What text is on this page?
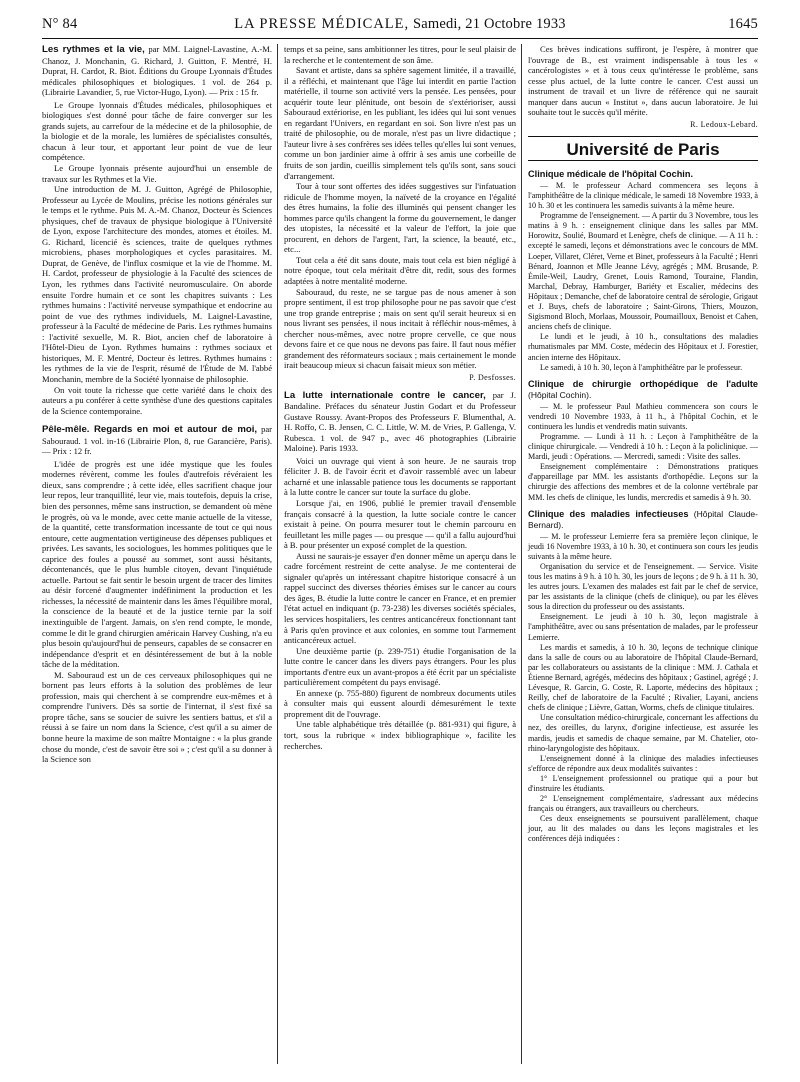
N° 84	LA PRESSE MÉDICALE, Samedi, 21 Octobre 1933	1645

Les rythmes et la vie, par MM. Laignel-Lavastine, A.-M. Chanoz, J. Monchanin, G. Richard, J. Guitton, F. Mentré, H. Duprat, H. Cardot, R. Biot. Éditions du Groupe Lyonnais d'Études médicales philosophiques et biologiques. 1 vol. de 264 p. (Librairie Lavandier, 5, rue Victor-Hugo, Lyon). — Prix : 15 fr.

Le Groupe lyonnais d'Études médicales, philosophiques et biologiques s'est donné pour tâche de faire converger sur les grands sujets, au carrefour de la médecine et de la philosophie, de la biologie et de la morale, les lumières de spécialistes consultés, chacun à leur tour, et apportant leur point de vue de leur compétence.

Le Groupe lyonnais présente aujourd'hui un ensemble de travaux sur les Rythmes et la Vie.

Une introduction de M. J. Guitton, Agrégé de Philosophie, Professeur au Lycée de Moulins, précise les notions générales sur le temps et le rythme. Puis M. A.-M. Chanoz, Docteur ès Sciences physiques, chef de travaux de physique biologique à l'Université de Lyon, expose l'architecture des mondes, atomes et étoiles. M. G. Richard, licencié ès sciences, traite de quelques rythmes microbiens, phases morphologiques et cycles parasitaires. M. Duprat, de Genève, de l'influx cosmique et la vie de l'homme. M. H. Cardot, professeur de physiologie à la Faculté des sciences de Lyon, les rythmes dans l'activité neuromusculaire. On aborde ensuite l'ordre humain et ce sont les chapitres suivants : Les rythmes humains : l'activité nerveuse sympathique et endocrine au point de vue des rythmes individuels, M. Laignel-Lavastine, professeur à la Faculté de médecine de Paris. Les rythmes humains : l'activité sexuelle, M. R. Biot, ancien chef de laboratoire à l'Hôtel-Dieu de Lyon. Rythmes humains : rythmes sociaux et historiques, M. F. Mentré, Docteur ès lettres. Rythmes humains : les rythmes de la vie de l'esprit, résumé de l'Étude de M. l'abbé Monchanin, membre de la Société lyonnaise de philosophie.

On voit toute la richesse que cette variété dans le choix des auteurs a pu conférer à cette synthèse d'une des questions capitales de la Science contemporaine.

Pêle-mêle. Regards en moi et autour de moi, par Sabouraud. 1 vol. in-16 (Librairie Plon, 8, rue Garancière, Paris). — Prix : 12 fr.

L'idée de progrès est une idée mystique que les foules modernes révèrent, comme les foules d'autrefois révéraient les dieux, sans comprendre ; à cette idée, elles sacrifient chaque jour leur repos, leur tranquillité, leur vie, mais toutefois, depuis la crise, bien des personnes, même sans instruction, se demandent où mène le progrès, où va le monde, avec cette manie actuelle de la vitesse, de la quantité, cette transformation incessante de tout ce qui nous entoure, cette augmentation vertigineuse des dépenses publiques et privées. Les savants, les sociologues, les hommes politiques que le caprice des foules a poussé au sommet, sont aussi hésitants, décontenancés, que le plus humble citoyen, devant l'inquiétude actuelle. Partout se fait sentir le besoin urgent de tracer des limites au désir forcené d'augmenter indéfiniment la production et les richesses, la nécessité de maintenir dans les âmes l'équilibre moral, la conscience de la beauté et de la justice ternie par la soif inextinguible de l'argent. Jamais, on s'en rend compte, le monde, comme le dit le grand chirurgien américain Harvey Cushing, n'a eu plus besoin qu'aujourd'hui de penseurs, capables de se consacrer en indépendance d'esprit et en désintéressement de but à la noble tâche de la méditation.

M. Sabouraud est un de ces cerveaux philosophiques qui ne bornent pas leurs efforts à la solution des problèmes de leur profession, mais qui cherchent à se comprendre eux-mêmes et à comprendre l'univers. Dès sa sortie de l'internat, il s'est fixé sa propre tâche, sans se soucier de suivre les sentiers battus, et s'il a réussi à se faire un nom dans la Science, c'est qu'il a su aimer de bonne heure la maxime de son maître Montaigne : « la plus grande chose du monde, c'est de savoir être soi » ; c'est qu'il a su donner à la Science son

temps et sa peine, sans ambitionner les titres, pour le seul plaisir de la recherche et le contentement de son âme.

Savant et artiste, dans sa sphère sagement limitée, il a travaillé, il a réfléchi, et maintenant que l'âge lui interdit en partie l'action matérielle, il tourne son activité vers la pensée. Les pensées, pour acquérir toute leur plénitude, ont besoin de s'extérioriser, aussi Sabouraud extériorise, en les publiant, les idées qui lui sont venues en regardant l'Univers, en regardant en soi. Son livre n'est pas un traité de philosophie, ou de morale, n'est pas un livre didactique ; l'auteur livre à ses confrères ses idées telles qu'elles lui sont venues, comme un bon jardinier aime à offrir à ses amis une corbeille de fruits de son jardin, cueillis simplement tels qu'ils sont, sans souci d'arrangement.

Tour à tour sont offertes des idées suggestives sur l'infatuation ridicule de l'homme moyen, la naïveté de la croyance en l'égalité des êtres humains, la folie des illuminés qui pensent changer les hommes parce qu'ils changent la forme du gouvernement, le danger des utopistes, la nécessité et la valeur de l'effort, la joie que procurent, en dehors de l'argent, l'art, la science, la beauté, etc., etc...

Tout cela a été dit sans doute, mais tout cela est bien négligé à notre époque, tout cela méritait d'être dit, redit, sous des formes adaptées à notre mentalité moderne.

Sabouraud, du reste, ne se targue pas de nous amener à son propre sentiment, il est trop philosophe pour ne pas savoir que c'est une trop grande entreprise ; mais on sent qu'il serait heureux si en nous livrant ses pensées, il nous incitait à réfléchir nous-mêmes, à chercher nous-mêmes, avec notre propre cervelle, ce que nous devons faire et ce que nous ne devons pas faire. Il faut nous méfier grandement des réformateurs sociaux ; mais certainement le monde irait beaucoup mieux si chacun faisait mieux son métier.

P. Desfosses.

La lutte internationale contre le cancer, par J. Bandaline. Préfaces du sénateur Justin Godart et du Professeur Gustave Roussy. Avant-Propos des Professeurs F. Blumenthal, A. H. Roffo, C. B. Jensen, C. C. Little, W. M. de Vries, P. Gallenga, V. Rubesca. 1 vol. de 947 p., avec 46 photographies (Librairie Maloine). Paris 1933.

Voici un ouvrage qui vient à son heure. Je ne saurais trop féliciter J. B. de l'avoir écrit et d'avoir rassemblé avec un labeur acharné et une inlassable patience tous les documents se rapportant à la lutte contre le cancer sur toute la surface du globe.

Lorsque j'ai, en 1906, publié le premier travail d'ensemble français consacré à la question, la lutte sociale contre le cancer existait à peine. On pourra mesurer tout le chemin parcouru en feuilletant les mille pages — ou presque — qu'il a fallu aujourd'hui à B. pour présenter un exposé complet de la question.

Aussi ne saurais-je essayer d'en donner même un aperçu dans le cadre forcément restreint de cette analyse. Je me contenterai de signaler qu'après un intéressant chapitre historique consacré à un rappel succinct des diverses théories émises sur le cancer au cours des âges, B. étudie la lutte contre le cancer en France, et en premier l'état actuel en indiquant (p. 73-238) les diverses sociétés spéciales, les services hospitaliers, les centres anticancéreux fonctionnant tant à Paris qu'en province et aux colonies, en somme tout l'armement anticancéreux actuel.

Une deuxième partie (p. 239-751) étudie l'organisation de la lutte contre le cancer dans les divers pays étrangers. Pour les plus importants d'entre eux un avant-propos a été écrit par un spécialiste particulièrement compétent du pays envisagé.

En annexe (p. 755-880) figurent de nombreux documents utiles à consulter mais qui eussent alourdi démesurément le texte proprement dit de l'ouvrage.

Une table alphabétique très détaillée (p. 881-931) qui figure, à tort, sous la rubrique « index bibliographique », facilite les recherches.

Ces brèves indications suffiront, je l'espère, à montrer que l'ouvrage de B., est vraiment indispensable à tous les « cancérologistes » et à tous ceux qu'intéresse le problème, sans cesse plus actuel, de la lutte contre le cancer. C'est aussi un instrument de travail et un livre de référence qui ne saurait manquer dans aucun « Institut », dans aucun laboratoire. Je lui souhaite tout le succès qu'il mérite.

R. Ledoux-Lebard.

Université de Paris

Clinique médicale de l'hôpital Cochin.

— M. le professeur Achard commencera ses leçons à l'amphithéâtre de la clinique médicale, le samedi 18 Novembre 1933, à 10 h. 30 et les continuera les samedis suivants à la même heure.

Programme de l'enseignement. — A partir du 3 Novembre, tous les matins à 9 h. : enseignement clinique dans les salles par MM. Horowitz, Soulié, Boumard et Lenègre, chefs de clinique. — A 11 h. : excepté le samedi, leçons et démonstrations avec le concours de MM. Loeper, Villaret, Cléret, Verne et Binet, professeurs à la Faculté ; Henri Bénard, Joannon et Mlle Jeanne Lévy, agrégés ; MM. Brusande, P. Émile-Weil, Laudry, Grenet, Louis Ramond, Touraine, Flandin, Marchal, Debray, Hamburger, Bariéty et Escalier, médecins des Hôpitaux ; Demanche, chef de laboratoire central de sérologie, Grigaut et J. Buys, chefs de laboratoire ; Saint-Girons, Thiers, Mouzon, Sigismond Bloch, Morlaas, Moussoir, Poumailloux, Benoist et Cahen, anciens chefs de clinique.

Le lundi et le jeudi, à 10 h., consultations des maladies rhumatismales par MM. Coste, médecin des Hôpitaux et J. Forestier, ancien interne des Hôpitaux.

Le samedi, à 10 h. 30, leçon à l'amphithéâtre par le professeur.

Clinique de chirurgie orthopédique de l'adulte (Hôpital Cochin).

— M. le professeur Paul Mathieu commencera son cours le vendredi 10 Novembre 1933, à 11 h., à l'hôpital Cochin, et le continuera les lundis et vendredis matin suivants.

Programme. — Lundi à 11 h. : Leçon à l'amphithéâtre de la clinique chirurgicale. — Vendredi à 10 h. : Leçon à la policlinique. — Mardi, jeudi : Opérations. — Mercredi, samedi : Visite des salles.

Enseignement complémentaire : Démonstrations pratiques d'appareillage par MM. les assistants d'orthopédie. Leçons sur la chirurgie des affections des membres et de la colonne vertébrale par MM. les chefs de clinique, les lundis, mercredis et samedis à 9 h. 30.

Clinique des maladies infectieuses (Hôpital Claude-Bernard).

— M. le professeur Lemierre fera sa première leçon clinique, le jeudi 16 Novembre 1933, à 10 h. 30, et continuera son cours les jeudis suivants à la même heure.

Organisation du service et de l'enseignement. — Service. Visite tous les matins à 9 h. à 10 h. 30, les jours de leçons ; de 9 h. à 11 h. 30, les autres jours. L'examen des malades est fait par le chef de service, par les assistants de la clinique (chefs de clinique), ou par les élèves sous la direction du professeur ou des assistants.

Enseignement. Le jeudi à 10 h. 30, leçon magistrale à l'amphithéâtre, avec ou sans présentation de malades, par le professeur Lemierre.

Les mardis et samedis, à 10 h. 30, leçons de technique clinique dans la salle de cours ou au laboratoire de l'hôpital Claude-Bernard, par les collaborateurs ou assistants de la clinique : MM. J. Cathala et Étienne Bernard, agrégés, médecins des hôpitaux ; Gastinel, agrégé ; J. Lévesque, R. Garcin, G. Coste, R. Laporte, médecins des hôpitaux ; Reilly, chef de laboratoire de la Faculté ; Rivalier, Layani, anciens chefs de clinique ; Lièvre, Gattan, Worms, chefs de clinique titulaires.

Une consultation médico-chirurgicale, concernant les affections du nez, des oreilles, du larynx, d'origine infectieuse, est assurée les mardis, jeudis et samedis de chaque semaine, par M. Chatelier, oto-rhino-laryngologiste des hôpitaux.

L'enseignement donné à la clinique des maladies infectieuses s'efforce de répondre aux deux modalités suivantes :

1° L'enseignement professionnel ou pratique qui a pour but d'instruire les étudiants.

2° L'enseignement complémentaire, s'adressant aux médecins français ou étrangers, aux travailleurs ou chercheurs.

Ces deux enseignements se poursuivent parallèlement, chaque jour, au lit des malades ou dans les leçons magistrales et les conférences déjà indiquées :
